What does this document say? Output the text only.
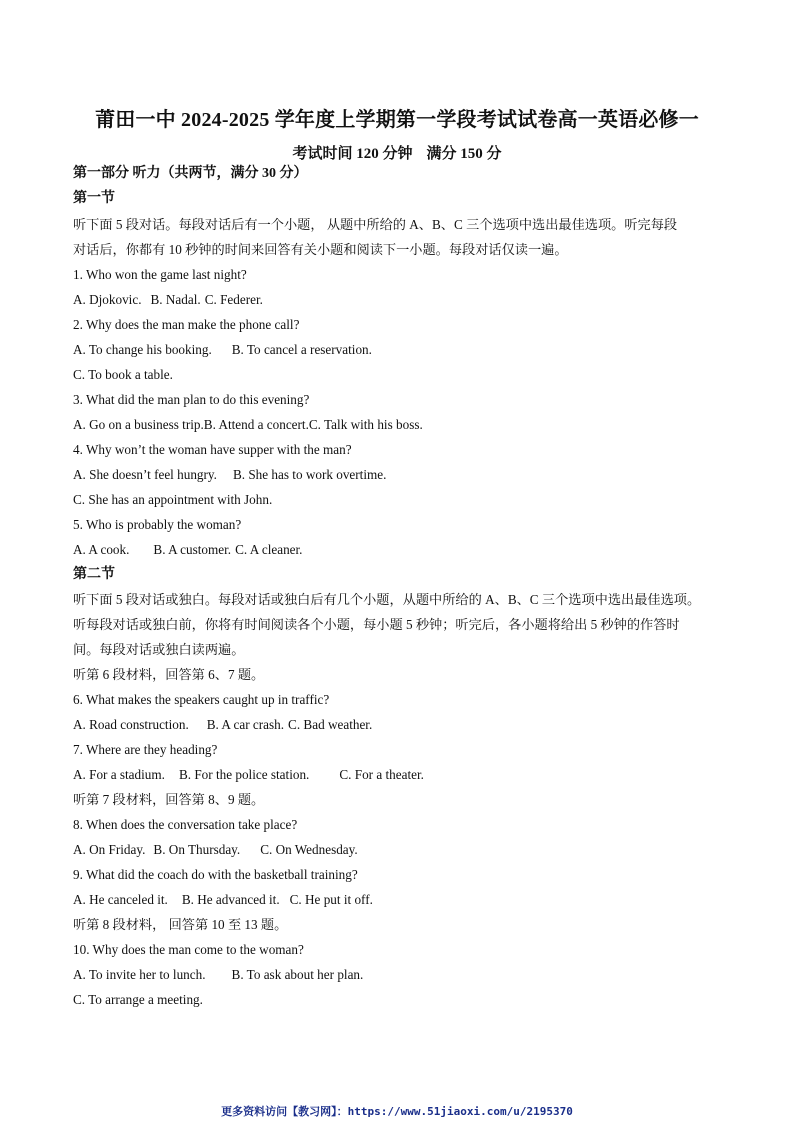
莆田一中 2024-2025 学年度上学期第一学段考试试卷高一英语必修一
考试时间 120 分钟 满分 150 分
第一部分 听力（共两节，满分 30 分）
第一节
听下面 5 段对话。每段对话后有一个小题， 从题中所给的 A、B、C 三个选项中选出最佳选项。听完每段
对话后，你都有 10 秒钟的时间来回答有关小题和阅读下一小题。每段对话仅读一遍。
1. Who won the game last night?
A. Djokovic. B. Nadal. C. Federer.
2. Why does the man make the phone call?
A. To change his booking. B. To cancel a reservation.
C. To book a table.
3. What did the man plan to do this evening?
A. Go on a business trip.B. Attend a concert.C. Talk with his boss.
4. Why won’t the woman have supper with the man?
A. She doesn’t feel hungry. B. She has to work overtime.
C. She has an appointment with John.
5. Who is probably the woman?
A. A cook. B. A customer. C. A cleaner.
第二节
听下面 5 段对话或独白。每段对话或独白后有几个小题，从题中所给的 A、B、C 三个选项中选出最佳选项。
听每段对话或独白前，你将有时间阅读各个小题，每小题 5 秒钟；听完后，各小题将给出 5 秒钟的作答时
间。每段对话或独白读两遍。
听第 6 段材料，回答第 6、7 题。
6. What makes the speakers caught up in traffic?
A. Road construction. B. A car crash. C. Bad weather.
7. Where are they heading?
A. For a stadium. B. For the police station. C. For a theater.
听第 7 段材料，回答第 8、9 题。
8. When does the conversation take place?
A. On Friday. B. On Thursday. C. On Wednesday.
9. What did the coach do with the basketball training?
A. He canceled it. B. He advanced it. C. He put it off.
听第 8 段材料， 回答第 10 至 13 题。
10. Why does the man come to the woman?
A. To invite her to lunch. B. To ask about her plan.
C. To arrange a meeting.
更多资料访问【教习网】：https://www.51jiaoxi.com/u/2195370
